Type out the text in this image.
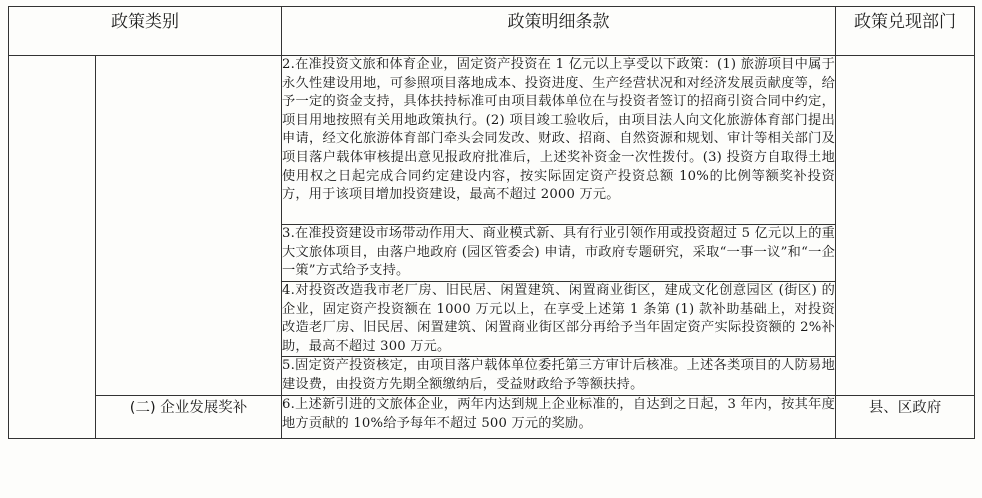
政策类别		政策明细条款	政策兑现部门
		2.在准投资文旅和体育企业，固定资产投资在 1 亿元以上享受以下政策：(1) 旅游项目中属于永久性建设用地，可参照项目落地成本、投资进度、生产经营状况和对经济发展贡献度等，给予一定的资金支持，具体扶持标准可由项目载体单位在与投资者签订的招商引资合同中约定，项目用地按照有关用地政策执行。(2) 项目竣工验收后，由项目法人向文化旅游体育部门提出申请，经文化旅游体育部门牵头会同发改、财政、招商、自然资源和规划、审计等相关部门及项目落户载体审核提出意见报政府批准后，上述奖补资金一次性拨付。(3) 投资方自取得土地使用权之日起完成合同约定建设内容，按实际固定资产投资总额 10%的比例等额奖补投资方，用于该项目增加投资建设，最高不超过 2000 万元。	
		3.在准投资建设市场带动作用大、商业模式新、具有行业引领作用或投资超过 5 亿元以上的重大文旅体项目，由落户地政府 (园区管委会) 申请，市政府专题研究，采取“一事一议”和“一企一策”方式给予支持。	
		4.对投资改造我市老厂房、旧民居、闲置建筑、闲置商业街区，建成文化创意园区 (街区) 的企业，固定资产投资额在 1000 万元以上，在享受上述第 1 条第 (1) 款补助基础上，对投资改造老厂房、旧民居、闲置建筑、闲置商业街区部分再给予当年固定资产实际投资额的 2%补助，最高不超过 300 万元。	
		5.固定资产投资核定，由项目落户载体单位委托第三方审计后核准。上述各类项目的人防易地建设费，由投资方先期全额缴纳后，受益财政给予等额扶持。	
	(二) 企业发展奖补	6.上述新引进的文旅体企业，两年内达到规上企业标准的，自达到之日起，3 年内，按其年度地方贡献的 10%给予每年不超过 500 万元的奖励。	县、区政府
